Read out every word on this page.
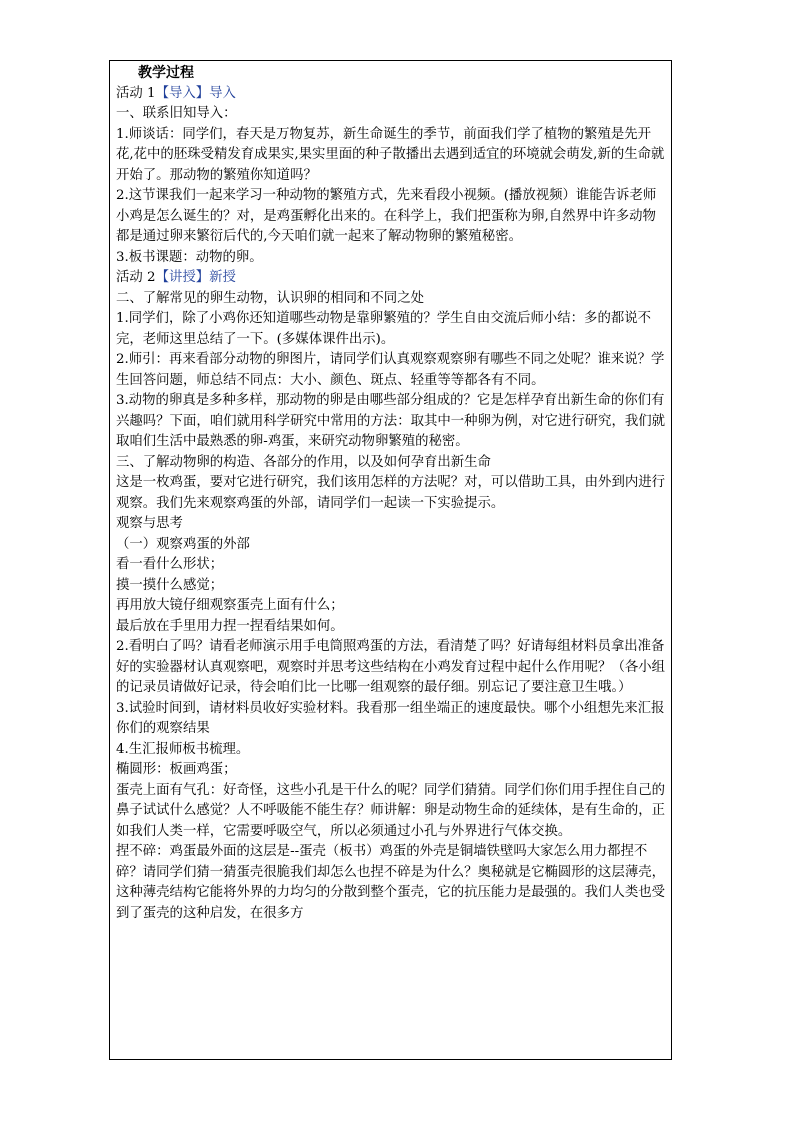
教学过程
活动 1【导入】导入
一、联系旧知导入：
1.师谈话：同学们，春天是万物复苏，新生命诞生的季节，前面我们学了植物的繁殖是先开花,花中的胚珠受精发育成果实,果实里面的种子散播出去遇到适宜的环境就会萌发,新的生命就开始了。那动物的繁殖你知道吗？
2.这节课我们一起来学习一种动物的繁殖方式，先来看段小视频。(播放视频）谁能告诉老师小鸡是怎么诞生的？对，是鸡蛋孵化出来的。在科学上，我们把蛋称为卵,自然界中许多动物都是通过卵来繁衍后代的,今天咱们就一起来了解动物卵的繁殖秘密。
3.板书课题：动物的卵。
活动 2【讲授】新授
二、了解常见的卵生动物，认识卵的相同和不同之处
1.同学们，除了小鸡你还知道哪些动物是靠卵繁殖的？学生自由交流后师小结：多的都说不完，老师这里总结了一下。(多媒体课件出示)。
2.师引：再来看部分动物的卵图片，请同学们认真观察观察卵有哪些不同之处呢？谁来说？学生回答问题，师总结不同点：大小、颜色、斑点、轻重等等都各有不同。
3.动物的卵真是多种多样，那动物的卵是由哪些部分组成的？它是怎样孕育出新生命的你们有兴趣吗？下面，咱们就用科学研究中常用的方法：取其中一种卵为例，对它进行研究，我们就取咱们生活中最熟悉的卵-鸡蛋，来研究动物卵繁殖的秘密。
三、了解动物卵的构造、各部分的作用，以及如何孕育出新生命
这是一枚鸡蛋，要对它进行研究，我们该用怎样的方法呢？对，可以借助工具，由外到内进行观察。我们先来观察鸡蛋的外部，请同学们一起读一下实验提示。
观察与思考
（一）观察鸡蛋的外部
看一看什么形状；
摸一摸什么感觉；
再用放大镜仔细观察蛋壳上面有什么；
最后放在手里用力捏一捏看结果如何。
2.看明白了吗？请看老师演示用手电筒照鸡蛋的方法，看清楚了吗？好请每组材料员拿出准备好的实验器材认真观察吧，观察时并思考这些结构在小鸡发育过程中起什么作用呢？（各小组的记录员请做好记录，待会咱们比一比哪一组观察的最仔细。别忘记了要注意卫生哦。）
3.试验时间到，请材料员收好实验材料。我看那一组坐端正的速度最快。哪个小组想先来汇报你们的观察结果
4.生汇报师板书梳理。
椭圆形：板画鸡蛋；
蛋壳上面有气孔：好奇怪，这些小孔是干什么的呢？同学们猜猜。同学们你们用手捏住自己的鼻子试试什么感觉？人不呼吸能不能生存？师讲解：卵是动物生命的延续体，是有生命的，正如我们人类一样，它需要呼吸空气，所以必须通过小孔与外界进行气体交换。
捏不碎：鸡蛋最外面的这层是--蛋壳（板书）鸡蛋的外壳是铜墙铁壁吗大家怎么用力都捏不碎？请同学们猜一猜蛋壳很脆我们却怎么也捏不碎是为什么？奥秘就是它椭圆形的这层薄壳，这种薄壳结构它能将外界的力均匀的分散到整个蛋壳，它的抗压能力是最强的。我们人类也受到了蛋壳的这种启发，在很多方
